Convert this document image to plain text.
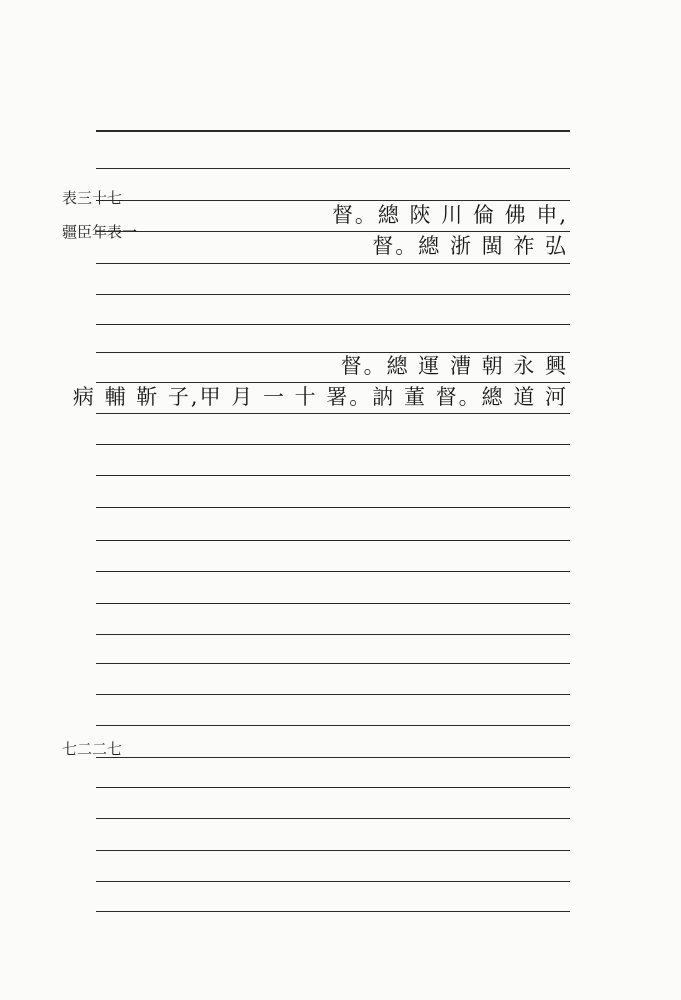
表三十七

疆臣年表一
七二二七
督。總 陝 川 倫 佛 申,
督。總 浙 閩 祚 弘
督。總 運 漕 朝 永 興
病 輔 靳 子,甲 月 一 十 署。訥 董 督。總 道 河
